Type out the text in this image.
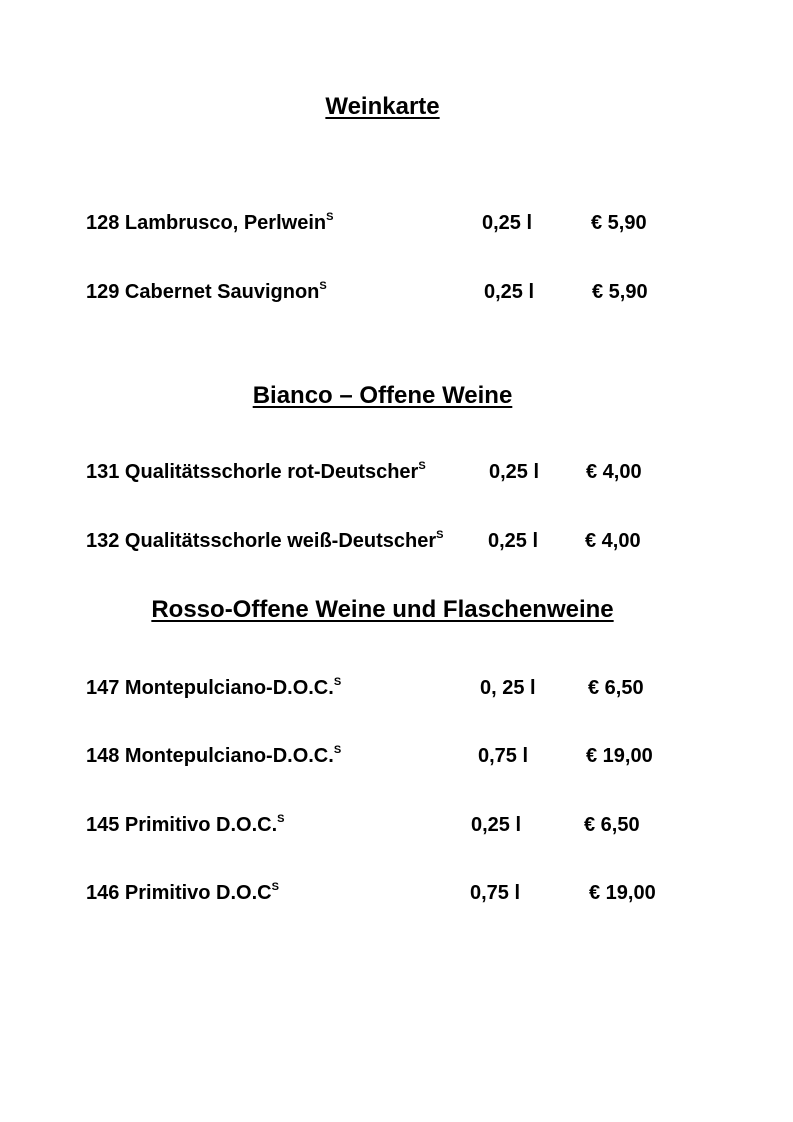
Weinkarte
128 Lambrusco, Perlwein$^S$	0,25 l	€ 5,90
129 Cabernet Sauvignon$^S$	0,25 l	€ 5,90
Bianco – Offene Weine
131 Qualitätsschorle rot-Deutscher$^S$	0,25 l € 4,00
132 Qualitätsschorle weiß-Deutscher$^S$ 0,25 l € 4,00
Rosso-Offene Weine und Flaschenweine
147 Montepulciano-D.O.C.$^S$	0, 25 l	€ 6,50
148 Montepulciano-D.O.C.$^S$	0,75 l	€ 19,00
145 Primitivo D.O.C.$^S$	0,25 l	€ 6,50
146 Primitivo $D.O.C^S$	0,75 l	€ 19,00
